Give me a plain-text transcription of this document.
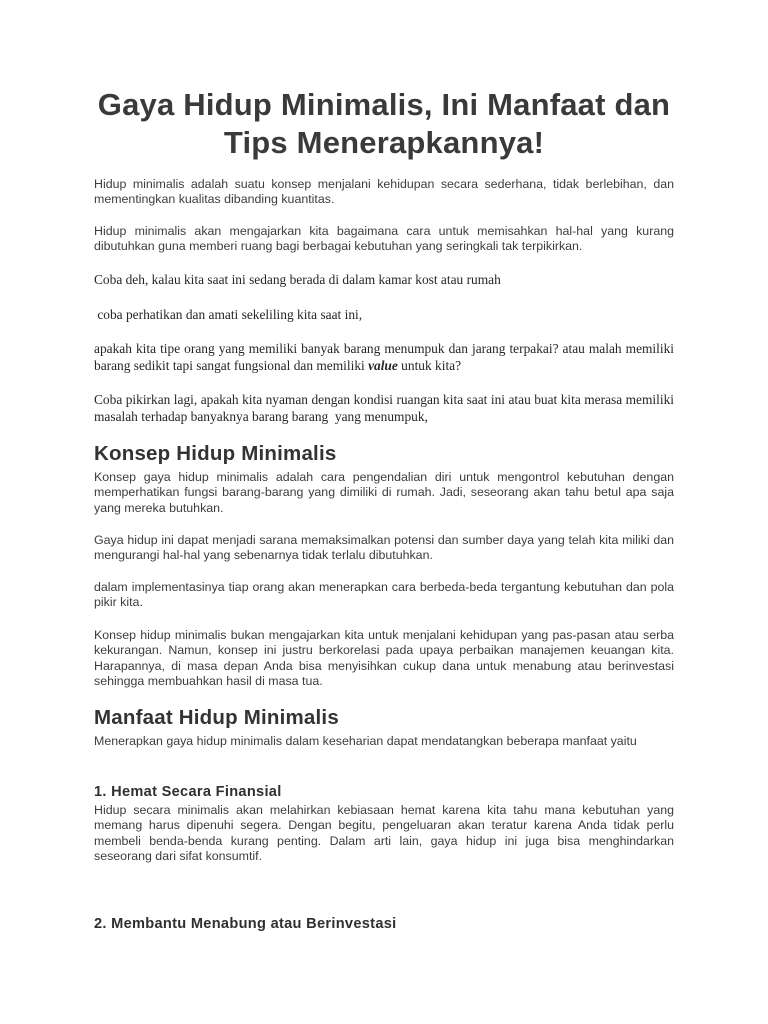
Gaya Hidup Minimalis, Ini Manfaat dan Tips Menerapkannya!

Hidup minimalis adalah suatu konsep menjalani kehidupan secara sederhana, tidak berlebihan, dan mementingkan kualitas dibanding kuantitas.

Hidup minimalis akan mengajarkan kita bagaimana cara untuk memisahkan hal-hal yang kurang dibutuhkan guna memberi ruang bagi berbagai kebutuhan yang seringkali tak terpikirkan.

Coba deh, kalau kita saat ini sedang berada di dalam kamar kost atau rumah

coba perhatikan dan amati sekeliling kita saat ini,

apakah kita tipe orang yang memiliki banyak barang menumpuk dan jarang terpakai? atau malah memiliki barang sedikit tapi sangat fungsional dan memiliki value untuk kita?

Coba pikirkan lagi, apakah kita nyaman dengan kondisi ruangan kita saat ini atau buat kita merasa memiliki masalah terhadap banyaknya barang barang  yang menumpuk,

Konsep Hidup Minimalis

Konsep gaya hidup minimalis adalah cara pengendalian diri untuk mengontrol kebutuhan dengan memperhatikan fungsi barang-barang yang dimiliki di rumah. Jadi, seseorang akan tahu betul apa saja yang mereka butuhkan.

Gaya hidup ini dapat menjadi sarana memaksimalkan potensi dan sumber daya yang telah kita miliki dan mengurangi hal-hal yang sebenarnya tidak terlalu dibutuhkan.

dalam implementasinya tiap orang akan menerapkan cara berbeda-beda tergantung kebutuhan dan pola pikir kita.

Konsep hidup minimalis bukan mengajarkan kita untuk menjalani kehidupan yang pas-pasan atau serba kekurangan. Namun, konsep ini justru berkorelasi pada upaya perbaikan manajemen keuangan kita. Harapannya, di masa depan Anda bisa menyisihkan cukup dana untuk menabung atau berinvestasi sehingga membuahkan hasil di masa tua.

Manfaat Hidup Minimalis

Menerapkan gaya hidup minimalis dalam keseharian dapat mendatangkan beberapa manfaat yaitu

1. Hemat Secara Finansial

Hidup secara minimalis akan melahirkan kebiasaan hemat karena kita tahu mana kebutuhan yang memang harus dipenuhi segera. Dengan begitu, pengeluaran akan teratur karena Anda tidak perlu membeli benda-benda kurang penting. Dalam arti lain, gaya hidup ini juga bisa menghindarkan seseorang dari sifat konsumtif.

2. Membantu Menabung atau Berinvestasi
